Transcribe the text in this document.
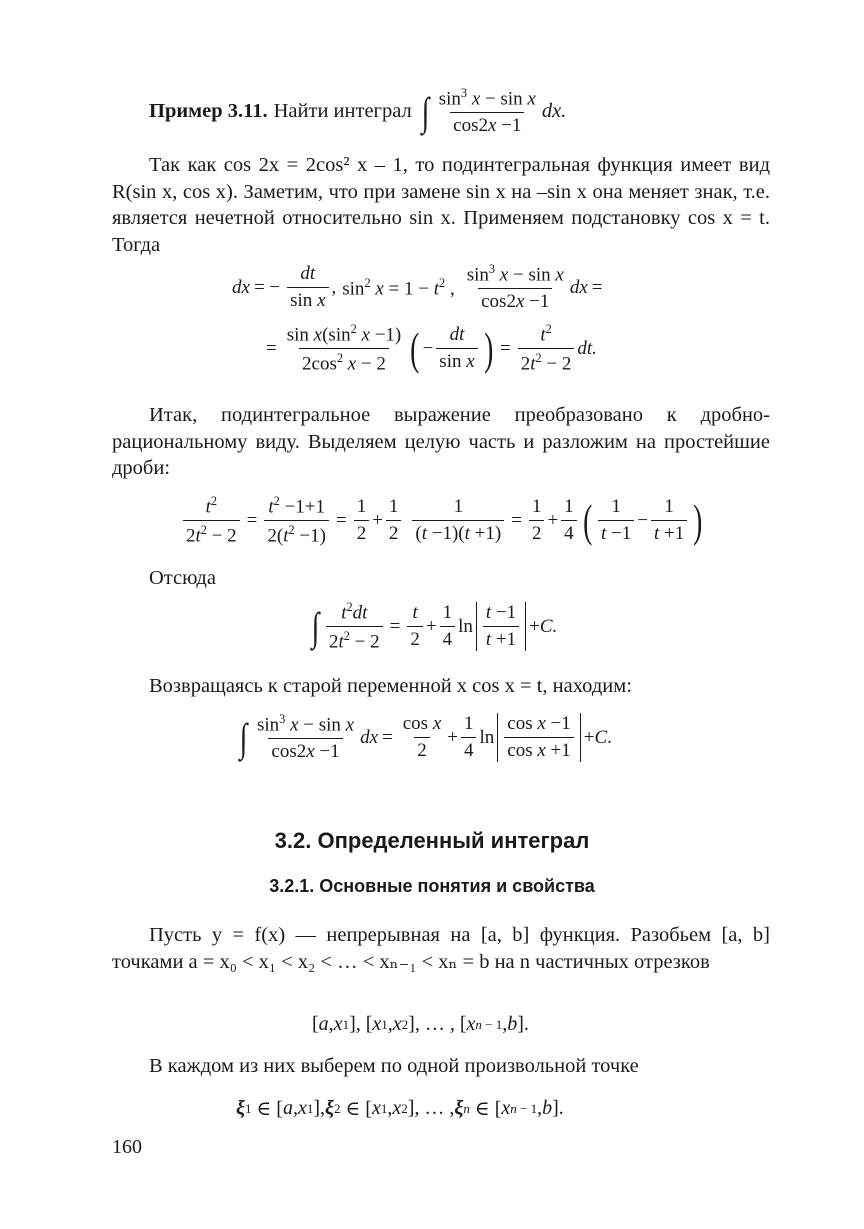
Пример 3.11. Найти интеграл ∫ $\frac{\sin^3 x - \sin x}{\cos 2x -1}$ dx.
Так как cos 2x = 2cos² x – 1, то подинтегральная функция имеет вид R(sin x, cos x). Заметим, что при замене sin x на –sin x она меняет знак, т.е. является нечетной относительно sin x. Применяем подстановку cos x = t. Тогда
dx = − $\frac{dt}{\text{sin x}}$ , $\sin^2 x = 1 - t^2$ , $\frac{\sin^3 x - \sin x}{\cos 2x -1}$ dx =
= $\frac{\sin x(\sin^2 x -1)}{2\cos^2 x - 2}$ ( − $\frac{dt}{\text{sin x}}$ ) = $\frac{t^2}{2t^2 - 2}$ dt.
Итак, подинтегральное выражение преобразовано к дробно-рациональному виду. Выделяем целую часть и разложим на простейшие дроби:
$\frac{t^2}{2t^2 - 2} = \frac{t^2 -1+1}{2(t^2 -1)} = \frac{1}{2} + \frac{1}{2} \frac{1}{(t -1)(t +1)} = \frac{1}{2} + \frac{1}{4}$ ( $\frac{1}{t -1} - \frac{1}{t +1}$ )
Отсюда
∫ $\frac{t^2dt}{2t^2 - 2} = \frac{t}{2} + \frac{1}{4}$ $\ln \frac{t -1}{t +1} + C$.
Возвращаясь к старой переменной x cos x = t, находим:
∫ $\frac{\sin^3 x - \sin x}{\cos 2x -1}$ dx = $\frac{\text{cos x}}{2} + \frac{1}{4}$ $\ln \frac{\text{cos x −1}}{\text{cos x +1}} + C$ .
3.2. Определенный интеграл
3.2.1. Основные понятия и свойства
Пусть y = f(x) — непрерывная на [a, b] функция. Разобьем [a, b] точками a = x₀ < x₁ < x₂ < … < xₙ₋₁ < xₙ = b на n частичных отрезков
[ a , x 1 ], [ x 1 , x 2 ], … , [ x n − 1 , b ].
В каждом из них выберем по одной произвольной точке
ξ 1 ∈ [ a , x 1 ], ξ 2 ∈ [ x 1 , x 2 ], … , ξ n ∈ [ x n − 1 , b ].
160
